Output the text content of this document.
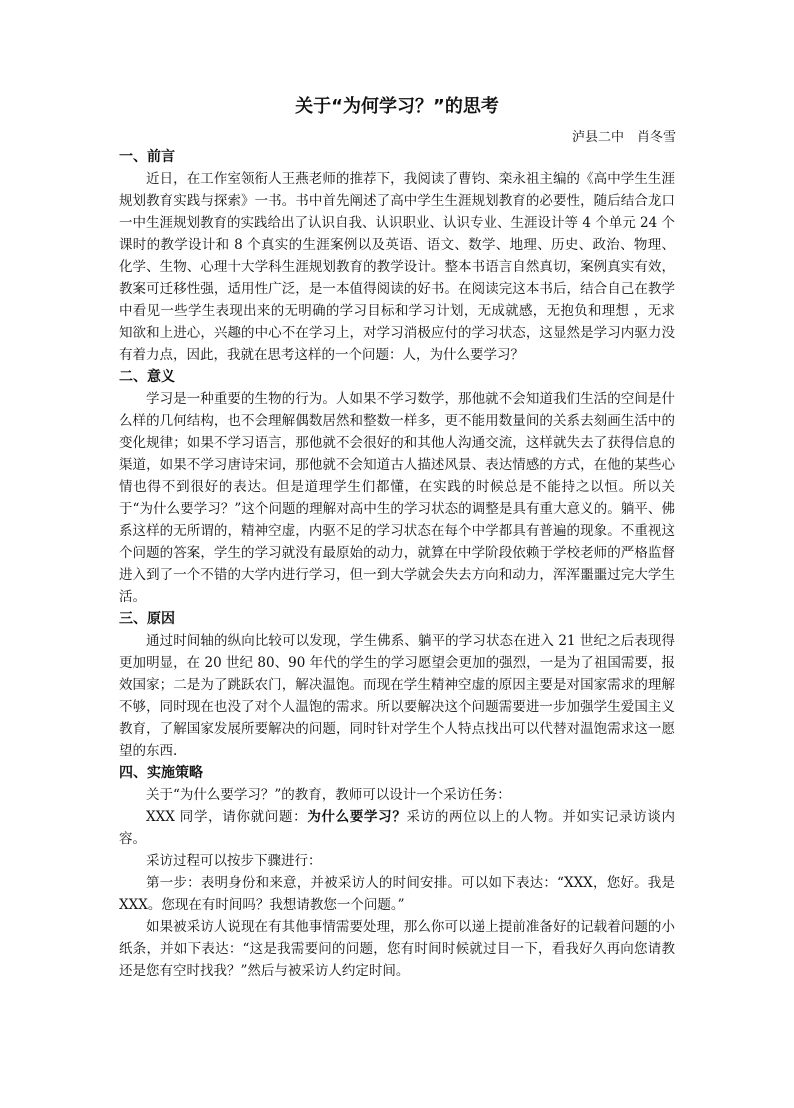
关于“为何学习？”的思考
泸县二中　肖冬雪

一、前言

近日，在工作室领衔人王燕老师的推荐下，我阅读了曹钧、栾永祖主编的《高中学生生涯规划教育实践与探索》一书。书中首先阐述了高中学生生涯规划教育的必要性，随后结合龙口一中生涯规划教育的实践给出了认识自我、认识职业、认识专业、生涯设计等 4 个单元 24 个课时的教学设计和 8 个真实的生涯案例以及英语、语文、数学、地理、历史、政治、物理、化学、生物、心理十大学科生涯规划教育的教学设计。整本书语言自然真切，案例真实有效，教案可迁移性强，适用性广泛，是一本值得阅读的好书。在阅读完这本书后，结合自己在教学中看见一些学生表现出来的无明确的学习目标和学习计划，无成就感，无抱负和理想 ，无求知欲和上进心，兴趣的中心不在学习上，对学习消极应付的学习状态，这显然是学习内驱力没有着力点，因此，我就在思考这样的一个问题：人，为什么要学习？

二、意义

学习是一种重要的生物的行为。人如果不学习数学，那他就不会知道我们生活的空间是什么样的几何结构，也不会理解偶数居然和整数一样多，更不能用数量间的关系去刻画生活中的变化规律；如果不学习语言，那他就不会很好的和其他人沟通交流，这样就失去了获得信息的渠道，如果不学习唐诗宋词，那他就不会知道古人描述风景、表达情感的方式，在他的某些心情也得不到很好的表达。但是道理学生们都懂，在实践的时候总是不能持之以恒。所以关于“为什么要学习？”这个问题的理解对高中生的学习状态的调整是具有重大意义的。躺平、佛系这样的无所谓的，精神空虚，内驱不足的学习状态在每个中学都具有普遍的现象。不重视这个问题的答案，学生的学习就没有最原始的动力，就算在中学阶段依赖于学校老师的严格监督进入到了一个不错的大学内进行学习，但一到大学就会失去方向和动力，浑浑噩噩过完大学生活。

三、原因

通过时间轴的纵向比较可以发现，学生佛系、躺平的学习状态在进入 21 世纪之后表现得更加明显，在 20 世纪 80、90 年代的学生的学习愿望会更加的强烈，一是为了祖国需要，报效国家；二是为了跳跃农门，解决温饱。而现在学生精神空虚的原因主要是对国家需求的理解不够，同时现在也没了对个人温饱的需求。所以要解决这个问题需要进一步加强学生爱国主义教育，了解国家发展所要解决的问题，同时针对学生个人特点找出可以代替对温饱需求这一愿望的东西.

四、实施策略

关于“为什么要学习？”的教育，教师可以设计一个采访任务：

XXX 同学，请你就问题：为什么要学习？采访的两位以上的人物。并如实记录访谈内容。

采访过程可以按步下骤进行：

第一步：表明身份和来意，并被采访人的时间安排。可以如下表达：“XXX，您好。我是 XXX。您现在有时间吗？我想请教您一个问题。”

如果被采访人说现在有其他事情需要处理，那么你可以递上提前准备好的记载着问题的小纸条，并如下表达：“这是我需要问的问题，您有时间时候就过目一下，看我好久再向您请教还是您有空时找我？”然后与被采访人约定时间。
